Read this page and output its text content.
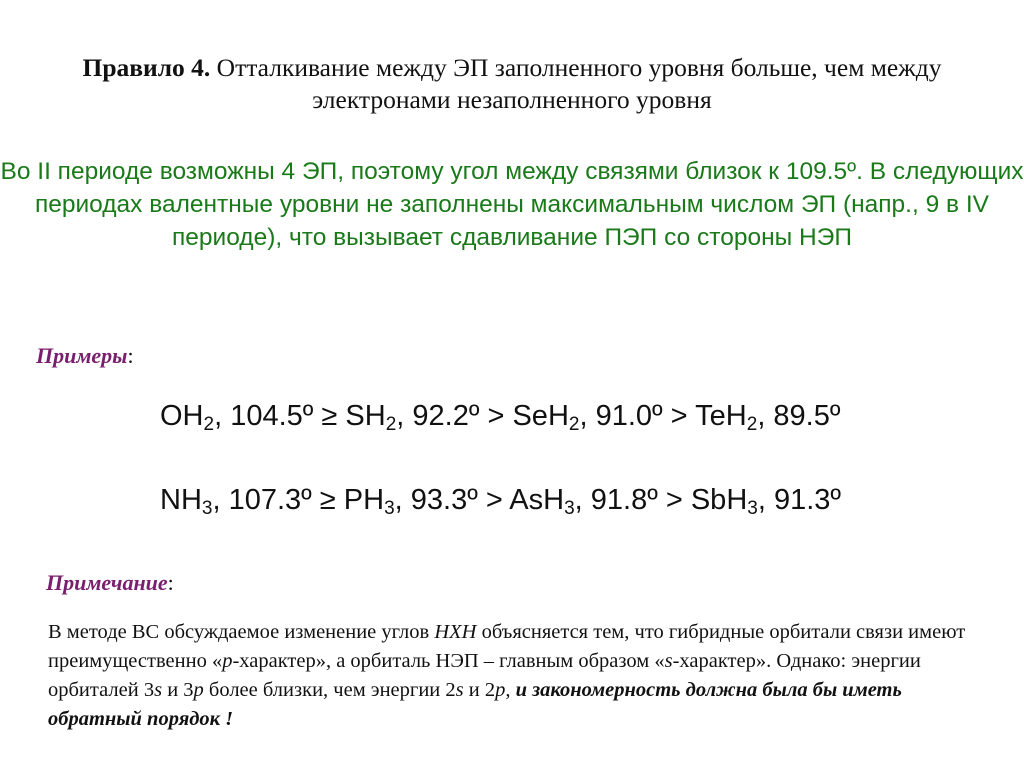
Правило 4. Отталкивание между ЭП заполненного уровня больше, чем между электронами незаполненного уровня
Во II периоде возможны 4 ЭП, поэтому угол между связями близок к 109.5º. В следующих периодах валентные уровни не заполнены максимальным числом ЭП (напр., 9 в IV периоде), что вызывает сдавливание ПЭП со стороны НЭП
Примеры:
$OH_2$, 104.5º ≥ $SH_2$, 92.2º > SeH$_2$, 91.0º > TeH$_2$, 89.5º
$NH_3$, 107.3º ≥ $PH_3$, 93.3º > AsH$_3$, 91.8º > SbH$_3$, 91.3º
Примечание:
В методе ВС обсуждаемое изменение углов HXH объясняется тем, что гибридные орбитали связи имеют преимущественно «p-характер», а орбиталь НЭП – главным образом «s-характер». Однако: энергии орбиталей 3s и 3p более близки, чем энергии 2s и 2p, и закономерность должна была бы иметь обратный порядок !
